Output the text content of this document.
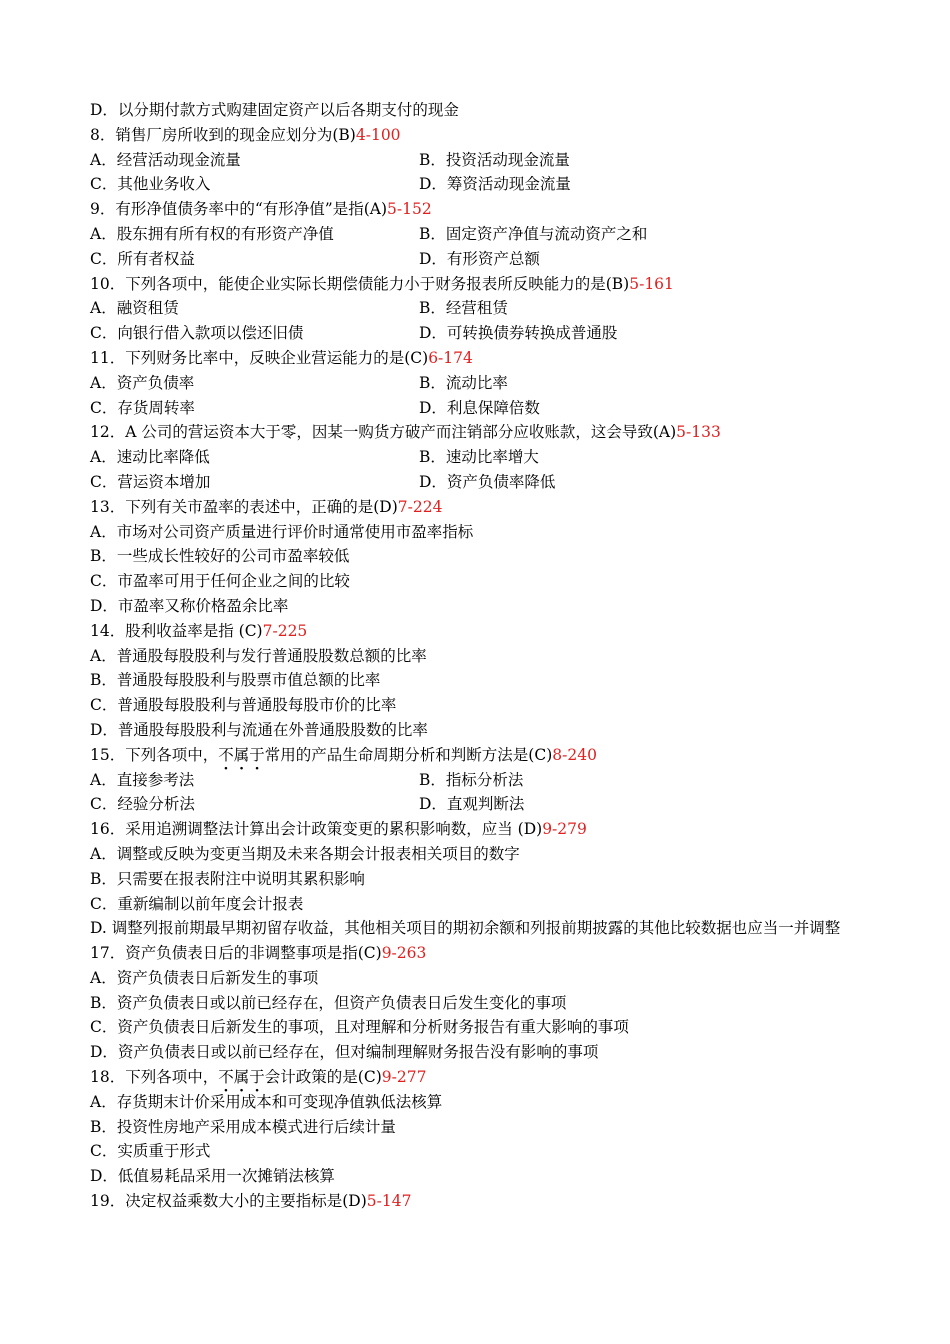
D．以分期付款方式购建固定资产以后各期支付的现金
8．销售厂房所收到的现金应划分为(B)4-100
A．经营活动现金流量	B．投资活动现金流量
C．其他业务收入	D．筹资活动现金流量
9．有形净值债务率中的“有形净值”是指(A)5-152
A．股东拥有所有权的有形资产净值	B．固定资产净值与流动资产之和
C．所有者权益	D．有形资产总额
10．下列各项中，能使企业实际长期偿债能力小于财务报表所反映能力的是(B)5-161
A．融资租赁	B．经营租赁
C．向银行借入款项以偿还旧债	D．可转换债券转换成普通股
11．下列财务比率中，反映企业营运能力的是(C)6-174
A．资产负债率	B．流动比率
C．存货周转率	D．利息保障倍数
12．A 公司的营运资本大于零，因某一购货方破产而注销部分应收账款，这会导致(A)5-133
A．速动比率降低	B．速动比率增大
C．营运资本增加	D．资产负债率降低
13．下列有关市盈率的表述中，正确的是(D)7-224
A．市场对公司资产质量进行评价时通常使用市盈率指标
B．一些成长性较好的公司市盈率较低
C．市盈率可用于任何企业之间的比较
D．市盈率又称价格盈余比率
14．股利收益率是指 (C)7-225
A．普通股每股股利与发行普通股股数总额的比率
B．普通股每股股利与股票市值总额的比率
C．普通股每股股利与普通股每股市价的比率
D．普通股每股股利与流通在外普通股股数的比率
15．下列各项中，不属于常用的产品生命周期分析和判断方法是(C)8-240
A．直接参考法	B．指标分析法
C．经验分析法	D．直观判断法
16．采用追溯调整法计算出会计政策变更的累积影响数，应当 (D)9-279
A．调整或反映为变更当期及未来各期会计报表相关项目的数字
B．只需要在报表附注中说明其累积影响
C．重新编制以前年度会计报表
D. 调整列报前期最早期初留存收益，其他相关项目的期初余额和列报前期披露的其他比较数据也应当一并调整
17．资产负债表日后的非调整事项是指(C)9-263
A．资产负债表日后新发生的事项
B．资产负债表日或以前已经存在，但资产负债表日后发生变化的事项
C．资产负债表日后新发生的事项，且对理解和分析财务报告有重大影响的事项
D．资产负债表日或以前已经存在，但对编制理解财务报告没有影响的事项
18．下列各项中，不属于会计政策的是(C)9-277
A．存货期末计价采用成本和可变现净值孰低法核算
B．投资性房地产采用成本模式进行后续计量
C．实质重于形式
D．低值易耗品采用一次摊销法核算
19．决定权益乘数大小的主要指标是(D)5-147
